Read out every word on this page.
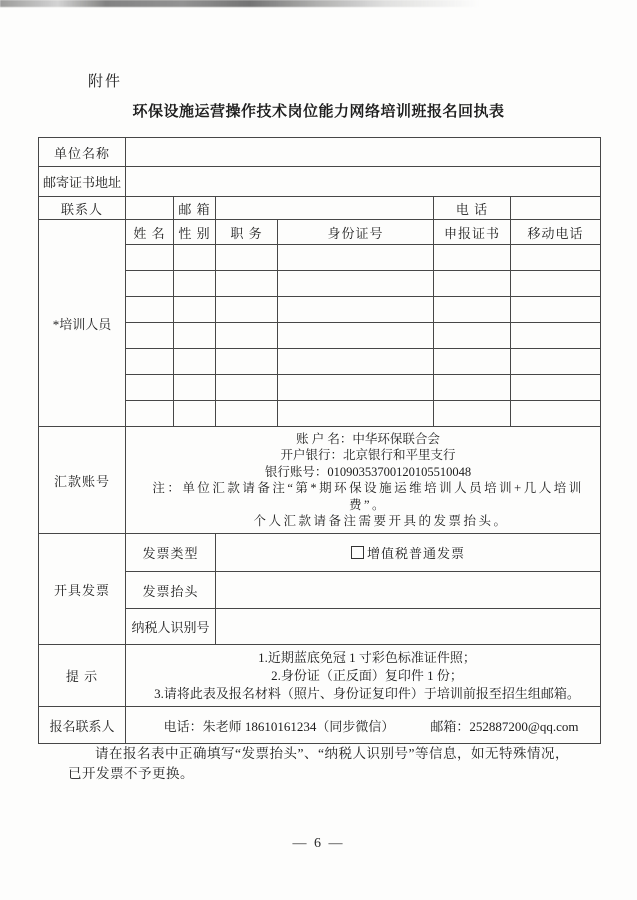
附件
环保设施运营操作技术岗位能力网络培训班报名回执表
单位名称						
邮寄证书地址						
联系人		邮 箱			电 话	
*培训人员	姓 名	性 别	职 务	身份证号	申报证书	移动电话

汇款账号	账 户 名：中华环保联合会
开户银行：北京银行和平里支行
银行账号：01090353700120105510048
注：单位汇款请备注“第*期环保设施运维培训人员培训+几人培训费”。
个人汇款请备注需要开具的发票抬头。					

开具发票	发票类型		增值税普通发票			
	发票抬头					
	纳税人识别号					
提 示	1.近期蓝底免冠 1 寸彩色标准证件照；
2.身份证（正反面）复印件 1 份；
3.请将此表及报名材料（照片、身份证复印件）于培训前报至招生组邮箱。					

报名联系人	电话：朱老师 18610161234（同步微信） 邮箱：252887200@qq.com					
请在报名表中正确填写“发票抬头”、“纳税人识别号”等信息，如无特殊情况，
已开发票不予更换。
— 6 —
